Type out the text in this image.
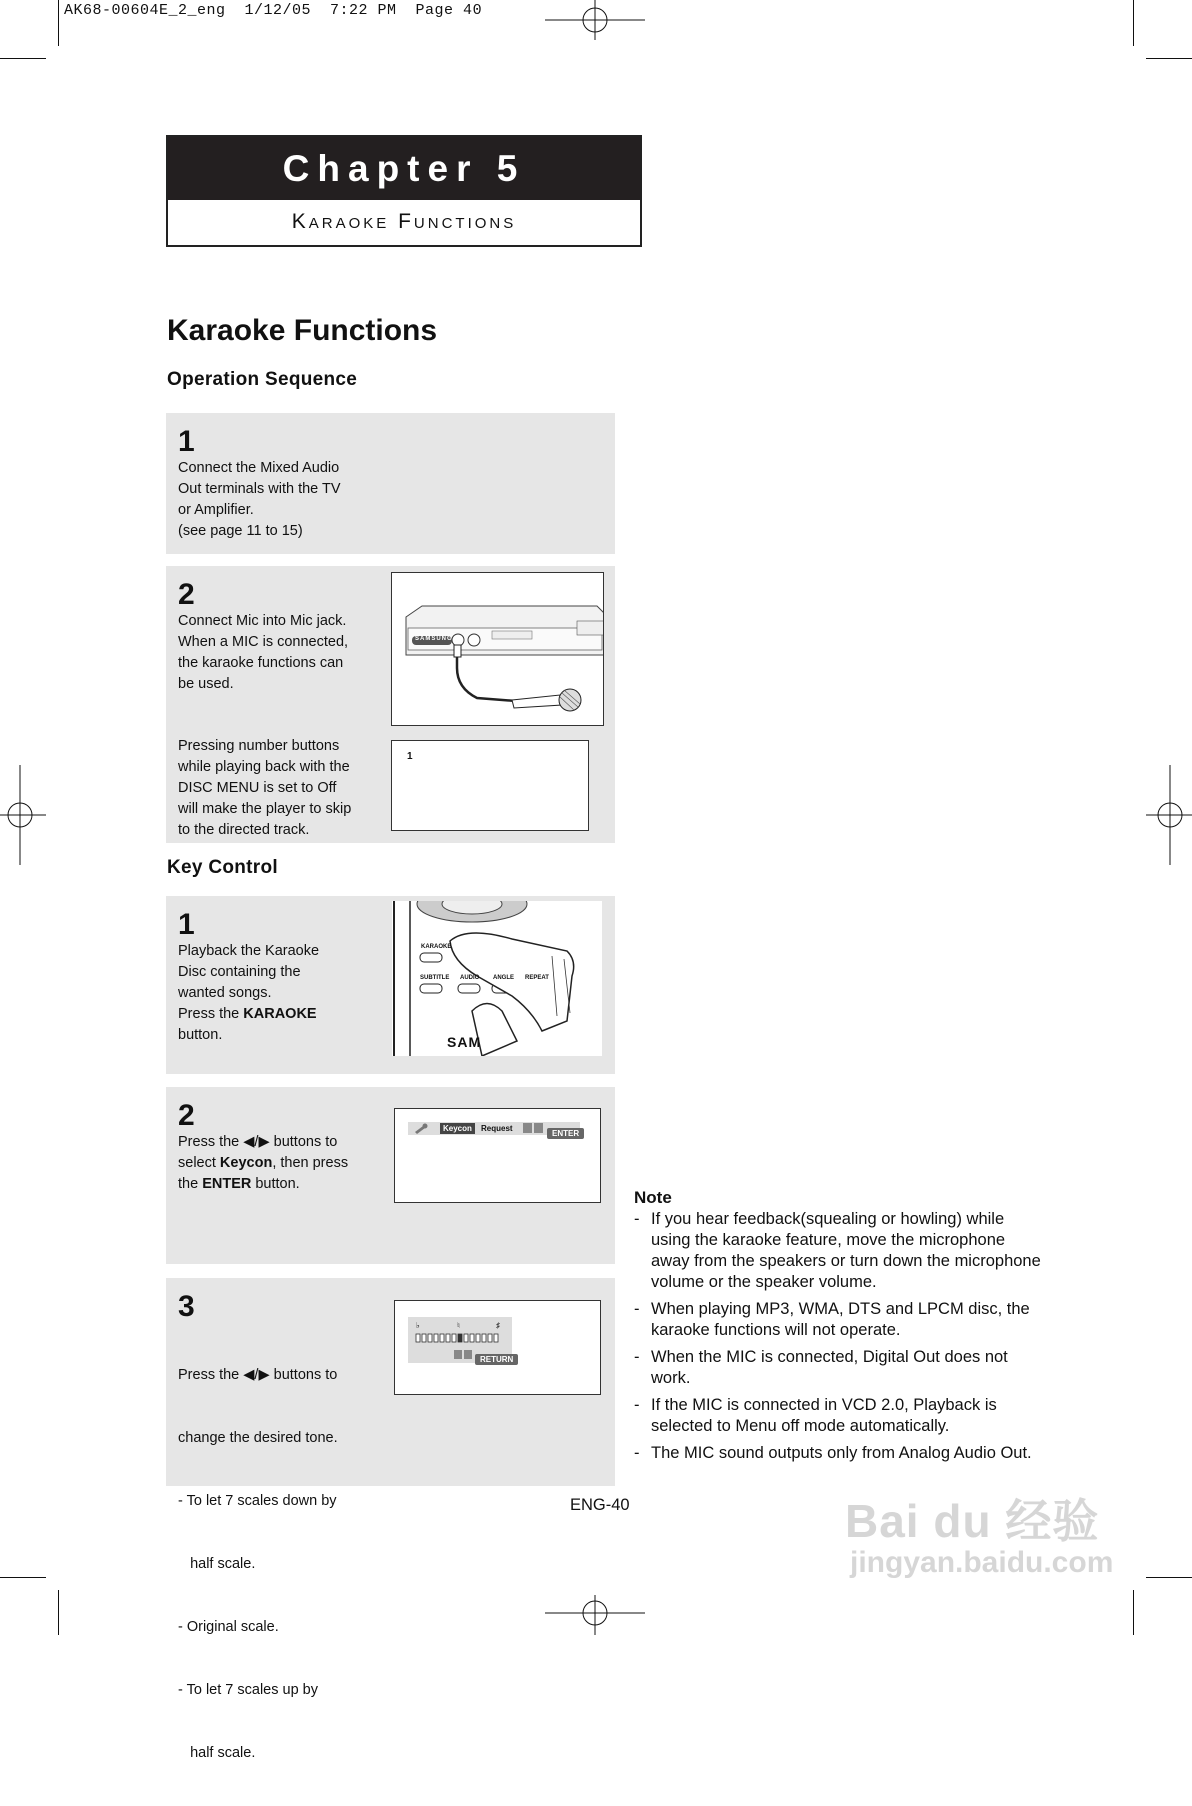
AK68-00604E_2_eng  1/12/05  7:22 PM  Page 40
Chapter 5
Karaoke Functions
Karaoke Functions
Operation Sequence
1
Connect the Mixed Audio
Out terminals with the TV
or Amplifier.
(see page 11 to 15)
2
Connect Mic into Mic jack.
When a MIC is connected,
the karaoke functions can
be used.
Pressing number buttons
while playing back with the
DISC MENU is set to Off
will make the player to skip
to the directed track.
SAMSUNG
1
Key Control
1
Playback the Karaoke
Disc containing the
wanted songs.
Press the KARAOKE
button.
KARAOKE
SUBTITLE AUDIO ANGLE REPEAT
SAM
2
Press the ◀/▶ buttons to
select Keycon, then press
the ENTER button.
Keycon	Request
ENTER
3

Press the ◀/▶ buttons to

change the desired tone.

- To let 7 scales down by

half scale.

- Original scale.

- To let 7 scales up by

half scale.

♭	♮	♯
RETURN
Note
- If you hear feedback(squealing or howling) while using the karaoke feature, move the microphone away from the speakers or turn down the microphone volume or the speaker volume.
- When playing MP3, WMA, DTS and LPCM disc, the karaoke functions will not operate.
- When the MIC is connected, Digital Out does not work.
- If the MIC is connected in VCD 2.0, Playback is selected to Menu off mode automatically.
- The MIC sound outputs only from Analog Audio Out.
ENG-40	Bai du 经验
jingyan.baidu.com
